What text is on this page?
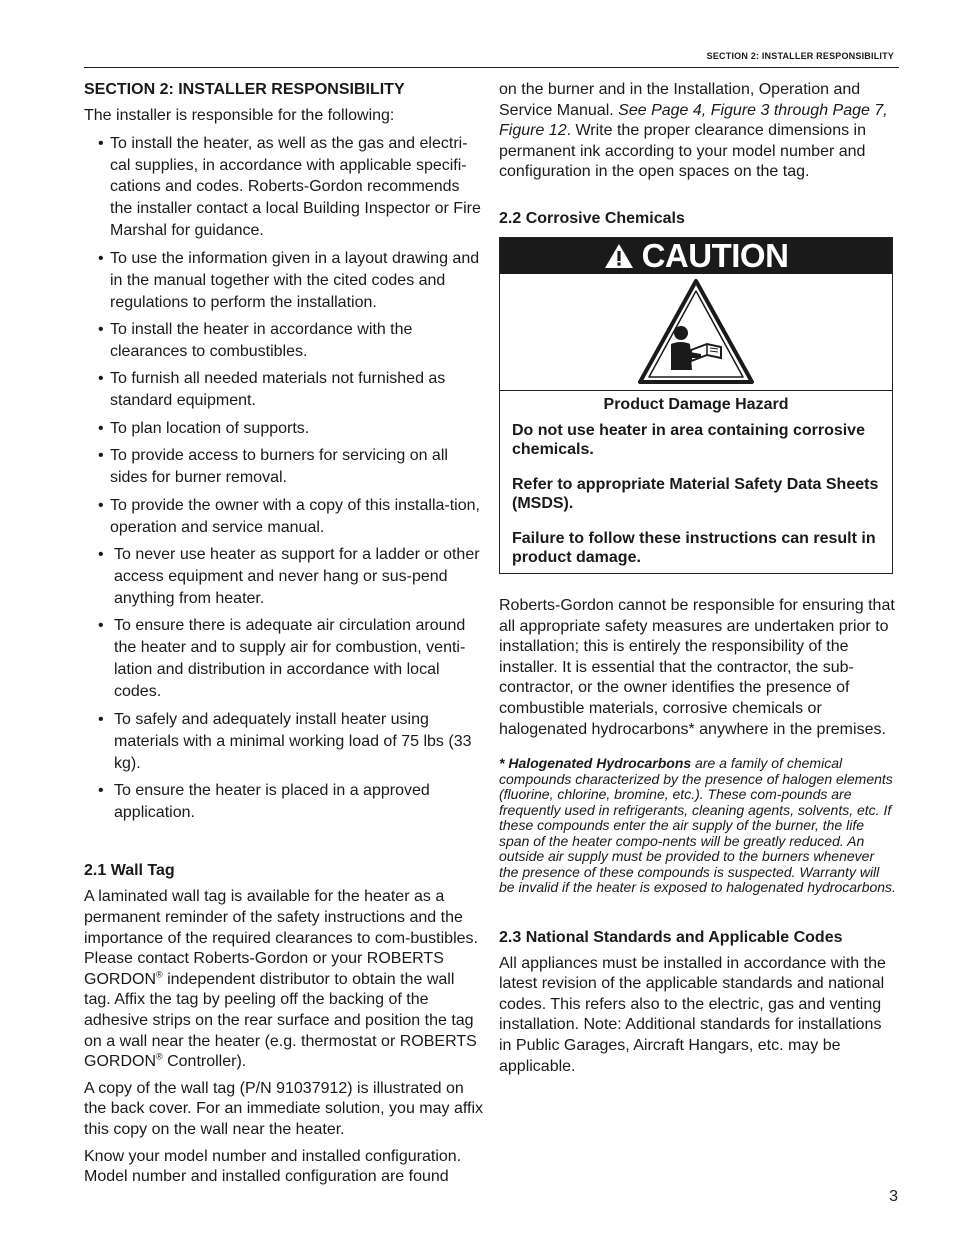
SECTION 2: INSTALLER RESPONSIBILITY
SECTION 2: INSTALLER RESPONSIBILITY
The installer is responsible for the following:
• To install the heater, as well as the gas and electri-cal supplies, in accordance with applicable specifi-cations and codes. Roberts-Gordon recommends the installer contact a local Building Inspector or Fire Marshal for guidance.
• To use the information given in a layout drawing and in the manual together with the cited codes and regulations to perform the installation.
• To install the heater in accordance with the clearances to combustibles.
• To furnish all needed materials not furnished as standard equipment.
• To plan location of supports.
• To provide access to burners for servicing on all sides for burner removal.
• To provide the owner with a copy of this installa-tion, operation and service manual.
• To never use heater as support for a ladder or other access equipment and never hang or sus-pend anything from heater.
• To ensure there is adequate air circulation around the heater and to supply air for combustion, venti-lation and distribution in accordance with local codes.
• To safely and adequately install heater using materials with a minimal working load of 75 lbs (33 kg).
• To ensure the heater is placed in a approved application.
2.1 Wall Tag
A laminated wall tag is available for the heater as a permanent reminder of the safety instructions and the importance of the required clearances to com-bustibles. Please contact Roberts-Gordon or your ROBERTS GORDON® independent distributor to obtain the wall tag. Affix the tag by peeling off the backing of the adhesive strips on the rear surface and position the tag on a wall near the heater (e.g. thermostat or ROBERTS GORDON® Controller).
A copy of the wall tag (P/N 91037912) is illustrated on the back cover. For an immediate solution, you may affix this copy on the wall near the heater.
Know your model number and installed configuration. Model number and installed configuration are found
on the burner and in the Installation, Operation and Service Manual. See Page 4, Figure 3 through Page 7, Figure 12. Write the proper clearance dimensions in permanent ink according to your model number and configuration in the open spaces on the tag.
2.2 Corrosive Chemicals
CAUTION
Product Damage Hazard
Do not use heater in area containing corrosive chemicals.
Refer to appropriate Material Safety Data Sheets (MSDS).
Failure to follow these instructions can result in product damage.
Roberts-Gordon cannot be responsible for ensuring that all appropriate safety measures are undertaken prior to installation; this is entirely the responsibility of the installer. It is essential that the contractor, the sub-contractor, or the owner identifies the presence of combustible materials, corrosive chemicals or halogenated hydrocarbons* anywhere in the premises.
* Halogenated Hydrocarbons are a family of chemical compounds characterized by the presence of halogen elements (fluorine, chlorine, bromine, etc.). These com-pounds are frequently used in refrigerants, cleaning agents, solvents, etc. If these compounds enter the air supply of the burner, the life span of the heater compo-nents will be greatly reduced. An outside air supply must be provided to the burners whenever the presence of these compounds is suspected. Warranty will be invalid if the heater is exposed to halogenated hydrocarbons.
2.3 National Standards and Applicable Codes
All appliances must be installed in accordance with the latest revision of the applicable standards and national codes. This refers also to the electric, gas and venting installation. Note: Additional standards for installations in Public Garages, Aircraft Hangars, etc. may be applicable.
3
